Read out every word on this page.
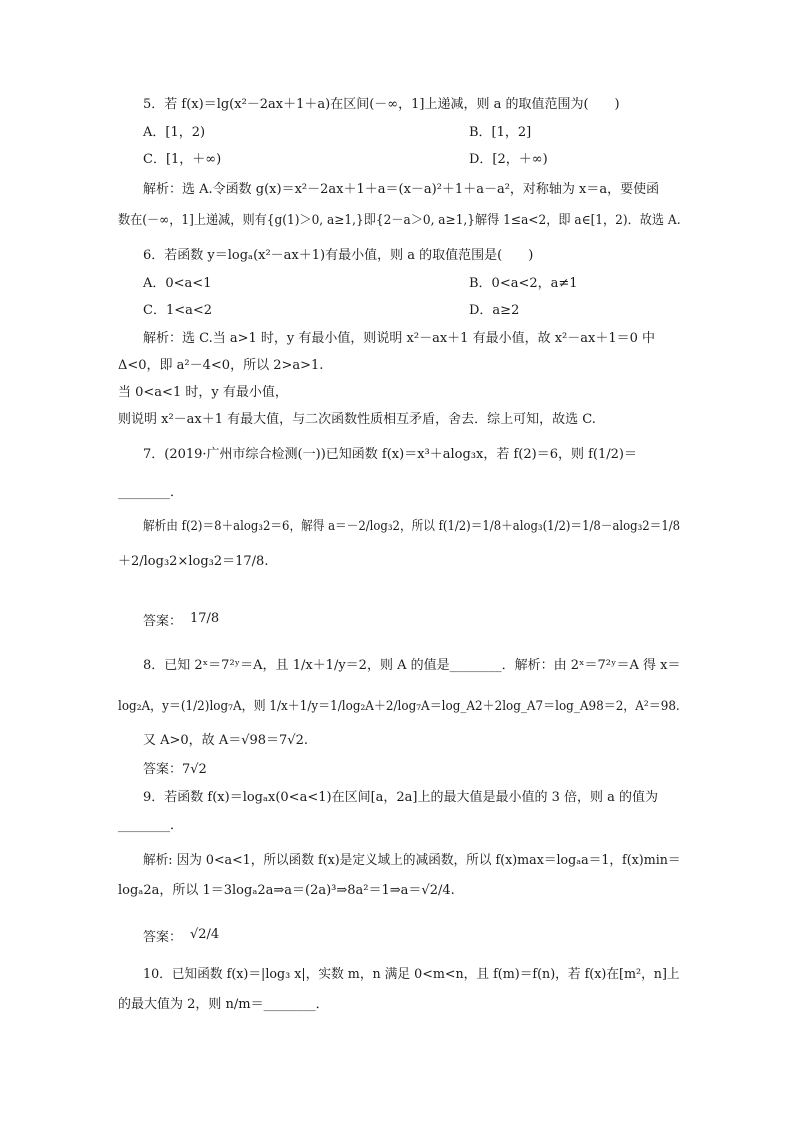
5．若 f(x)＝lg(x²－2ax＋1＋a)在区间(－∞，1]上递减，则 a 的取值范围为(　　)
A．[1，2)	B．[1，2]
C．[1，＋∞)	D．[2，＋∞)
解析：选 A.令函数 g(x)＝x²－2ax＋1＋a＝(x－a)²＋1＋a－a²，对称轴为 x＝a，要使函
数在(－∞，1]上递减，则有{g(1)＞0, a≥1,}即{2－a＞0, a≥1,}解得 1≤a<2，即 a∈[1，2)．故选 A.
6．若函数 y＝logₐ(x²－ax＋1)有最小值，则 a 的取值范围是(　　)
A．0<a<1	B．0<a<2，a≠1
C．1<a<2	D．a≥2
解析：选 C.当 a>1 时，y 有最小值，则说明 x²－ax＋1 有最小值，故 x²－ax＋1＝0 中
Δ<0，即 a²－4<0，所以 2>a>1.
当 0<a<1 时，y 有最小值，
则说明 x²－ax＋1 有最大值，与二次函数性质相互矛盾，舍去．综上可知，故选 C.
7．(2019·广州市综合检测(一))已知函数 f(x)＝x³＋alog₃x，若 f(2)＝6，则 f(1/2)＝
________．
解析由 f(2)＝8＋alog₃2＝6，解得 a＝－2/log₃2，所以 f(1/2)＝1/8＋alog₃(1/2)＝1/8－alog₃2＝1/8
＋2/log₃2×log₃2＝17/8.
答案： 17/8
8．已知 2ˣ＝7²ʸ＝A，且 1/x＋1/y＝2，则 A 的值是________．解析：由 2ˣ＝7²ʸ＝A 得 x＝
log₂A，y＝(1/2)log₇A，则 1/x＋1/y＝1/log₂A＋2/log₇A＝log_A2＋2log_A7＝log_A98＝2，A²＝98.
又 A>0，故 A＝√98＝7√2.
答案：7√2
9．若函数 f(x)＝logₐx(0<a<1)在区间[a，2a]上的最大值是最小值的 3 倍，则 a 的值为
________．
解析: 因为 0<a<1，所以函数 f(x)是定义域上的减函数，所以 f(x)max＝logₐa＝1，f(x)min＝
logₐ2a，所以 1＝3logₐ2a⇒a＝(2a)³⇒8a²＝1⇒a＝√2/4.
答案： √2/4
10．已知函数 f(x)＝|log₃ x|，实数 m，n 满足 0<m<n，且 f(m)＝f(n)，若 f(x)在[m²，n]上
的最大值为 2，则 n/m＝________．
